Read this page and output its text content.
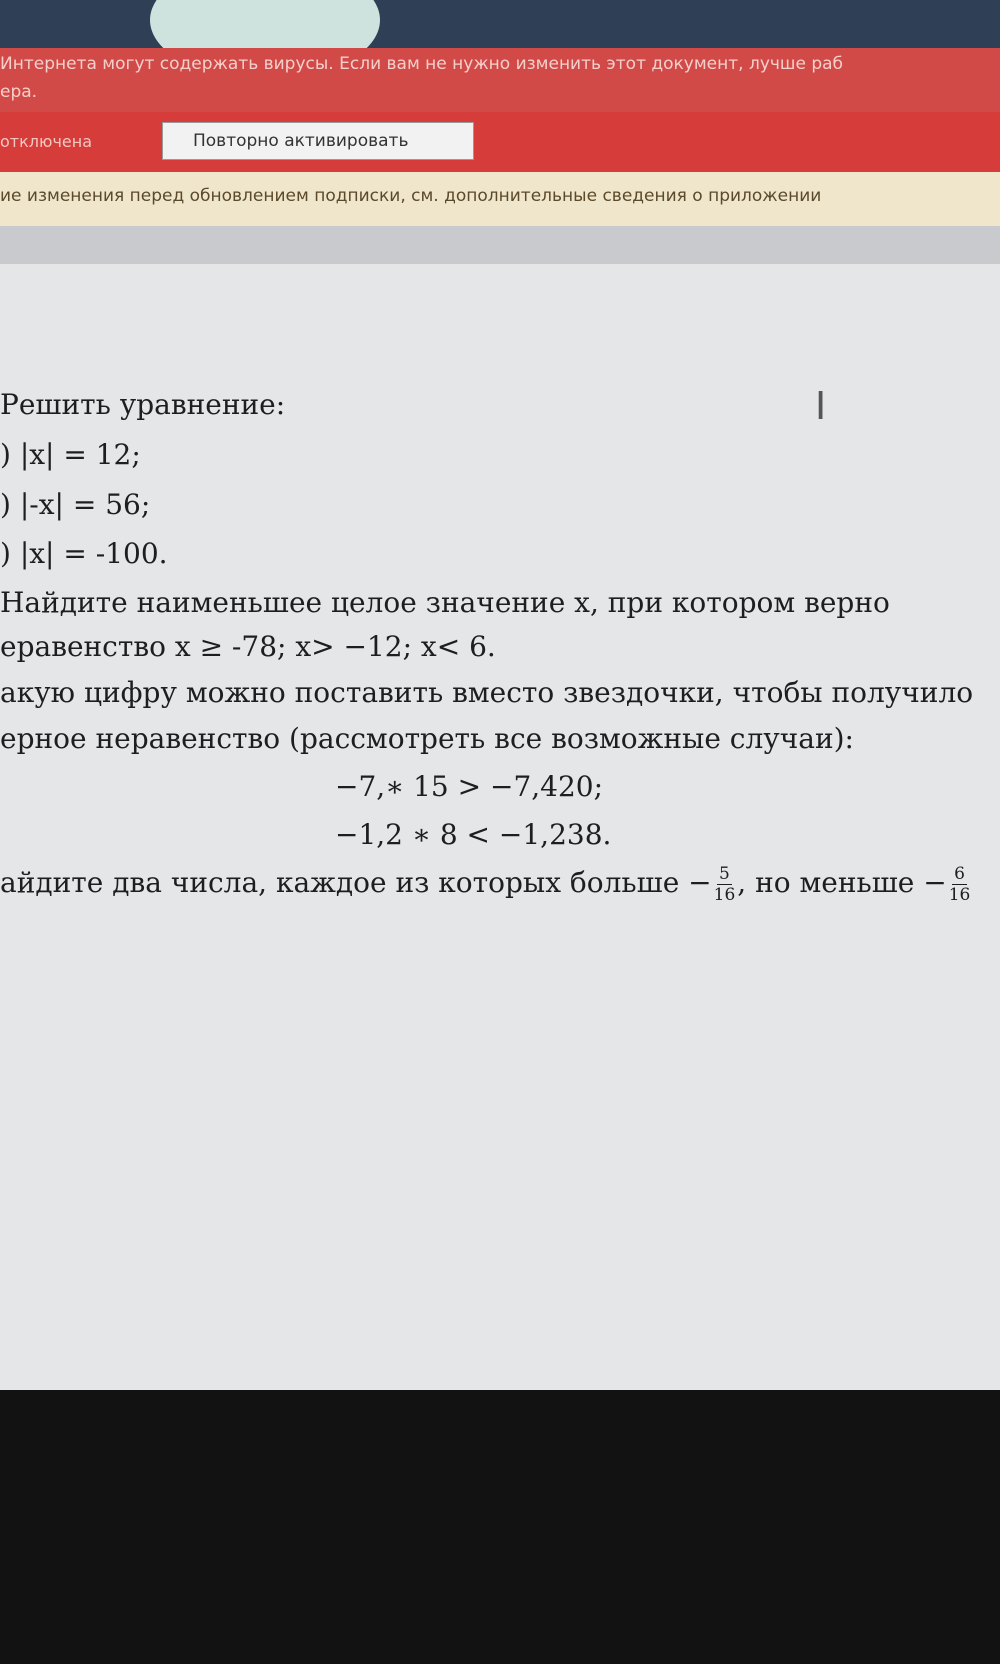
Интернета могут содержать вирусы. Если вам не нужно изменить этот документ, лучше раб
ера.
отключена	Повторно активировать
ие изменения перед обновлением подписки, см. дополнительные сведения о приложении
I
Решить уравнение:
) |x| = 12;
) |-x| = 56;
) |x| = -100.
Найдите наименьшее целое значение x, при котором верно
еравенство x ≥ -78; x> −12; x< 6.
акую цифру можно поставить вместо звездочки, чтобы получило
ерное неравенство (рассмотреть все возможные случаи):
−7,∗ 15 > −7,420;
−1,2 ∗ 8 < −1,238.
айдите два числа, каждое из которых больше − $\frac{5}{16}$ , но меньше − $\frac{6}{16}$
